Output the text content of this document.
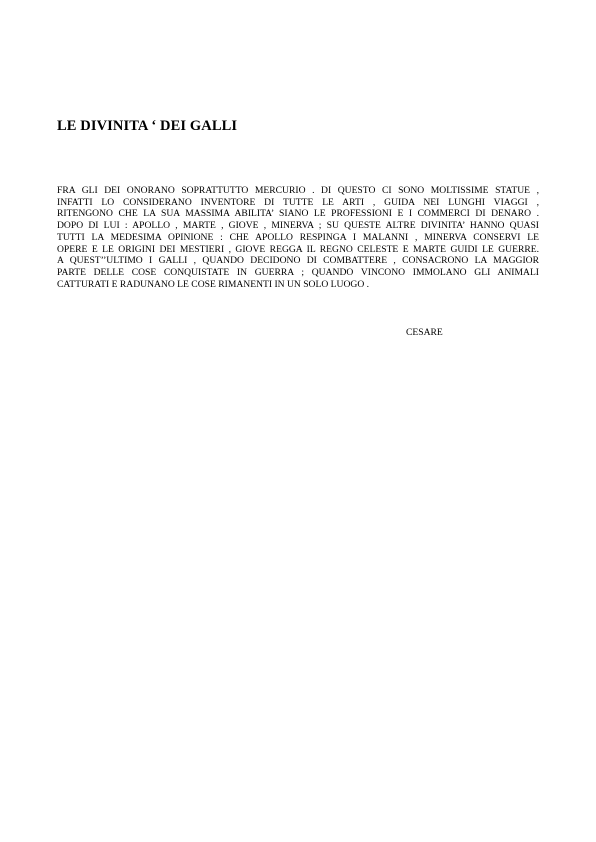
LE DIVINITA ‘ DEI GALLI
FRA GLI DEI ONORANO SOPRATTUTTO MERCURIO . DI QUESTO CI SONO MOLTISSIME STATUE ,
INFATTI LO CONSIDERANO INVENTORE DI TUTTE LE ARTI , GUIDA NEI LUNGHI VIAGGI ,
RITENGONO CHE LA SUA MASSIMA ABILITA’ SIANO LE PROFESSIONI E I COMMERCI DI DENARO .
DOPO DI LUI : APOLLO , MARTE , GIOVE , MINERVA ; SU QUESTE ALTRE DIVINITA’ HANNO QUASI
TUTTI LA MEDESIMA OPINIONE : CHE APOLLO RESPINGA I MALANNI , MINERVA CONSERVI LE
OPERE E LE ORIGINI DEI MESTIERI , GIOVE REGGA IL REGNO CELESTE E MARTE GUIDI LE GUERRE.
A QUEST’’ULTIMO I GALLI , QUANDO DECIDONO DI COMBATTERE , CONSACRONO LA MAGGIOR
PARTE DELLE COSE CONQUISTATE IN GUERRA ; QUANDO VINCONO IMMOLANO GLI ANIMALI
CATTURATI E RADUNANO LE COSE RIMANENTI IN UN SOLO LUOGO .

CESARE
